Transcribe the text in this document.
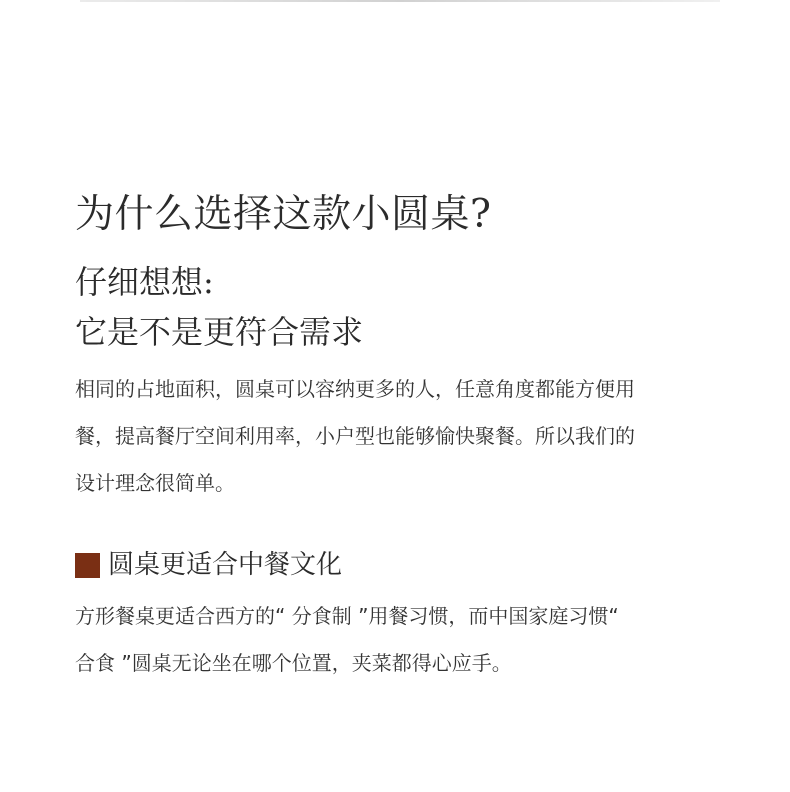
为什么选择这款小圆桌?
仔细想想:
它是不是更符合需求

相同的占地面积，圆桌可以容纳更多的人，任意角度都能方便用
餐，提高餐厅空间利用率，小户型也能够愉快聚餐。所以我们的
设计理念很简单。

圆桌更适合中餐文化

方形餐桌更适合西方的“ 分食制 ”用餐习惯，而中国家庭习惯“
合食 ”圆桌无论坐在哪个位置，夹菜都得心应手。
